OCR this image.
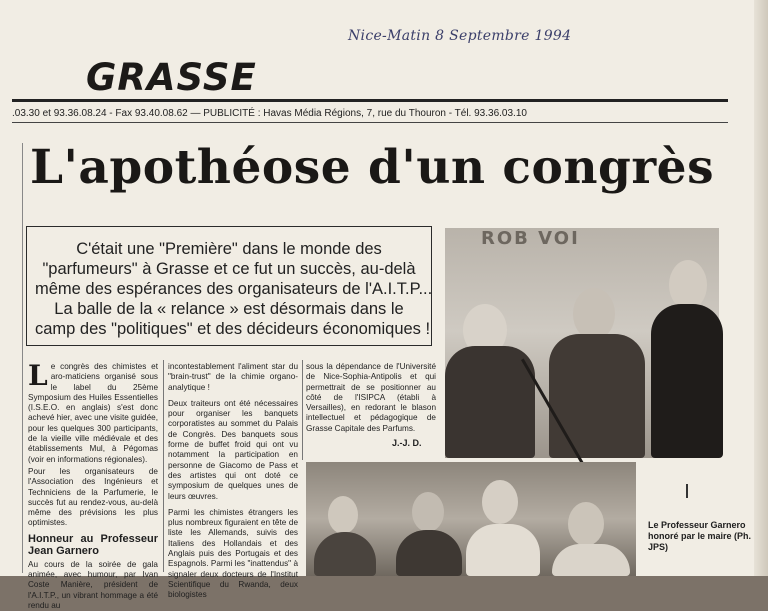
Nice-Matin 8 Septembre 1994
GRASSE
.03.30 et 93.36.08.24 - Fax 93.40.08.62 — PUBLICITÉ : Havas Média Régions, 7, rue du Thouron - Tél. 93.36.03.10
L'apothéose d'un congrès
C'était une "Première" dans le monde des
"parfumeurs" à Grasse et ce fut un succès, au-delà
même des espérances des organisateurs de l'A.I.T.P...
La balle de la « relance » est désormais dans le
camp des "politiques" et des décideurs économiques !
ROB VOI
J.-J. D.

Le congrès des chimistes et aro-maticiens organisé sous le label du 25ème Symposium des Huiles Essentielles (I.S.E.O. en anglais) s'est donc achevé hier, avec une visite guidée, pour les quelques 300 participants, de la vieille ville médiévale et des établissements Mul, à Pégomas (voir en informations régionales).

Pour les organisateurs de l'Association des Ingénieurs et Techniciens de la Parfumerie, le succès fut au rendez-vous, au-delà même des prévisions les plus optimistes.

Honneur au Professeur Jean Garnero

Au cours de la soirée de gala animée, avec humour, par Ivan Coste Manière, président de l'A.I.T.P., un vibrant hommage a été rendu au

incontestablement l'aliment star du "brain-trust" de la chimie organo-analytique !

Deux traiteurs ont été nécessaires pour organiser les banquets corporatistes au sommet du Palais de Congrès. Des banquets sous forme de buffet froid qui ont vu notamment la participation en personne de Giacomo de Pass et des artistes qui ont doté ce symposium de quelques unes de leurs œuvres.

Parmi les chimistes étrangers les plus nombreux figuraient en tête de liste les Allemands, suivis des Italiens des Hollandais et des Anglais puis des Portugais et des Espagnols. Parmi les "inattendus" à signaler deux docteurs de l'Institut Scientifique du Rwanda, deux biologistes

sous la dépendance de l'Université de Nice-Sophia-Antipolis et qui permettrait de se positionner au côté de l'ISIPCA (établi à Versailles), en redorant le blason intellectuel et pédagogique de Grasse Capitale des Parfums.

Le Professeur Garnero honoré par le maire (Ph. JPS)
